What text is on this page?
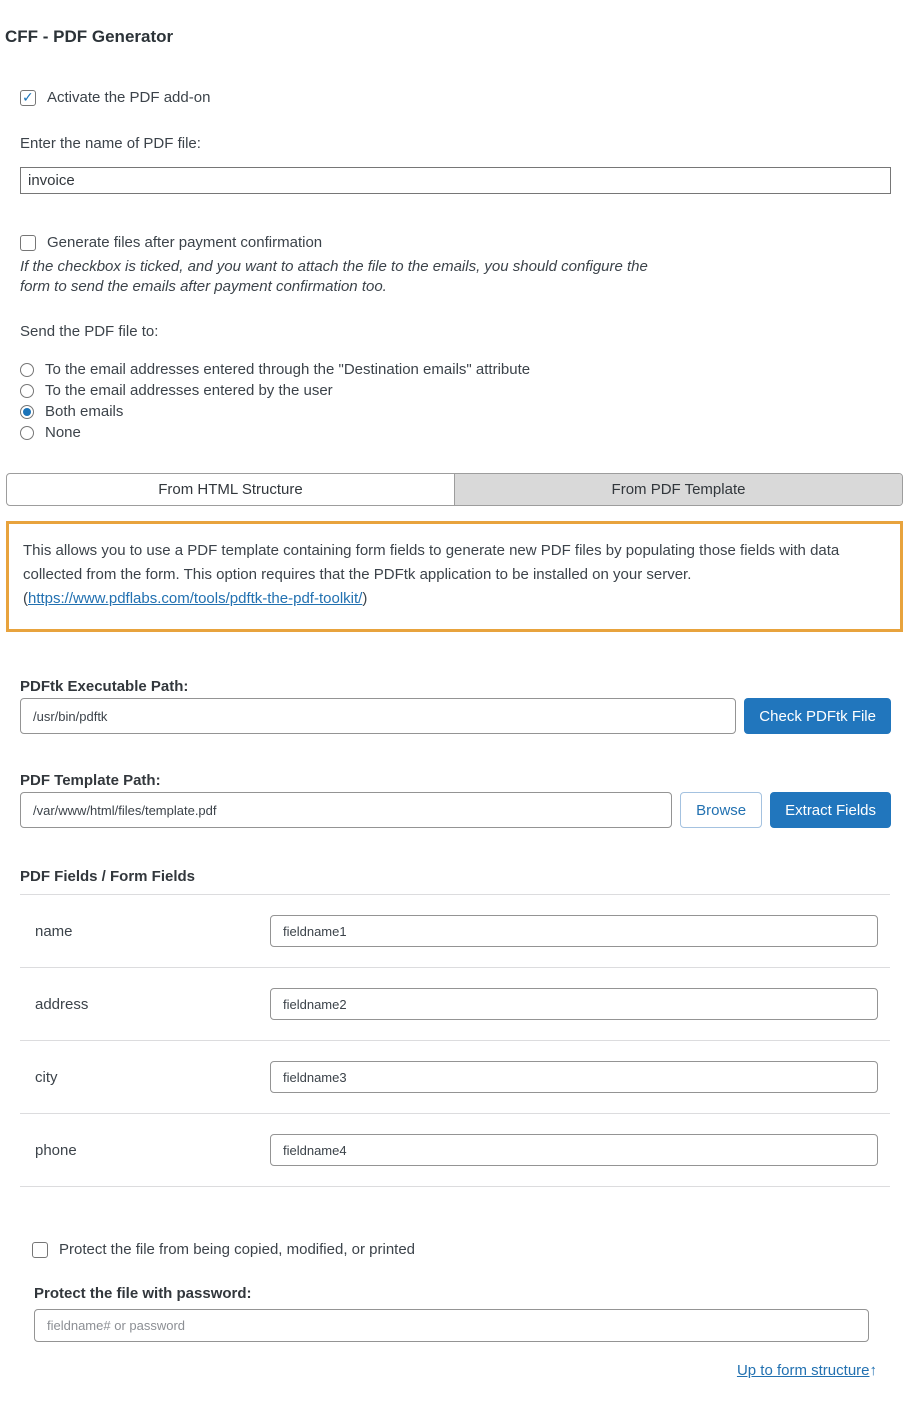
CFF - PDF Generator
✓ Activate the PDF add-on
Enter the name of PDF file:
invoice
Generate files after payment confirmation
If the checkbox is ticked, and you want to attach the file to the emails, you should configure the form to send the emails after payment confirmation too.
Send the PDF file to:
To the email addresses entered through the "Destination emails" attribute
To the email addresses entered by the user
Both emails
None
From HTML Structure	From PDF Template
This allows you to use a PDF template containing form fields to generate new PDF files by populating those fields with data collected from the form. This option requires that the PDFtk application to be installed on your server.
(https://www.pdflabs.com/tools/pdftk-the-pdf-toolkit/)
PDFtk Executable Path:
/usr/bin/pdftk
Check PDFtk File
PDF Template Path:
/var/www/html/files/template.pdf
Browse	Extract Fields
PDF Fields / Form Fields
name
fieldname1
address
fieldname2
city
fieldname3
phone
fieldname4
Protect the file from being copied, modified, or printed
Protect the file with password:
fieldname# or password
Up to form structure↑
